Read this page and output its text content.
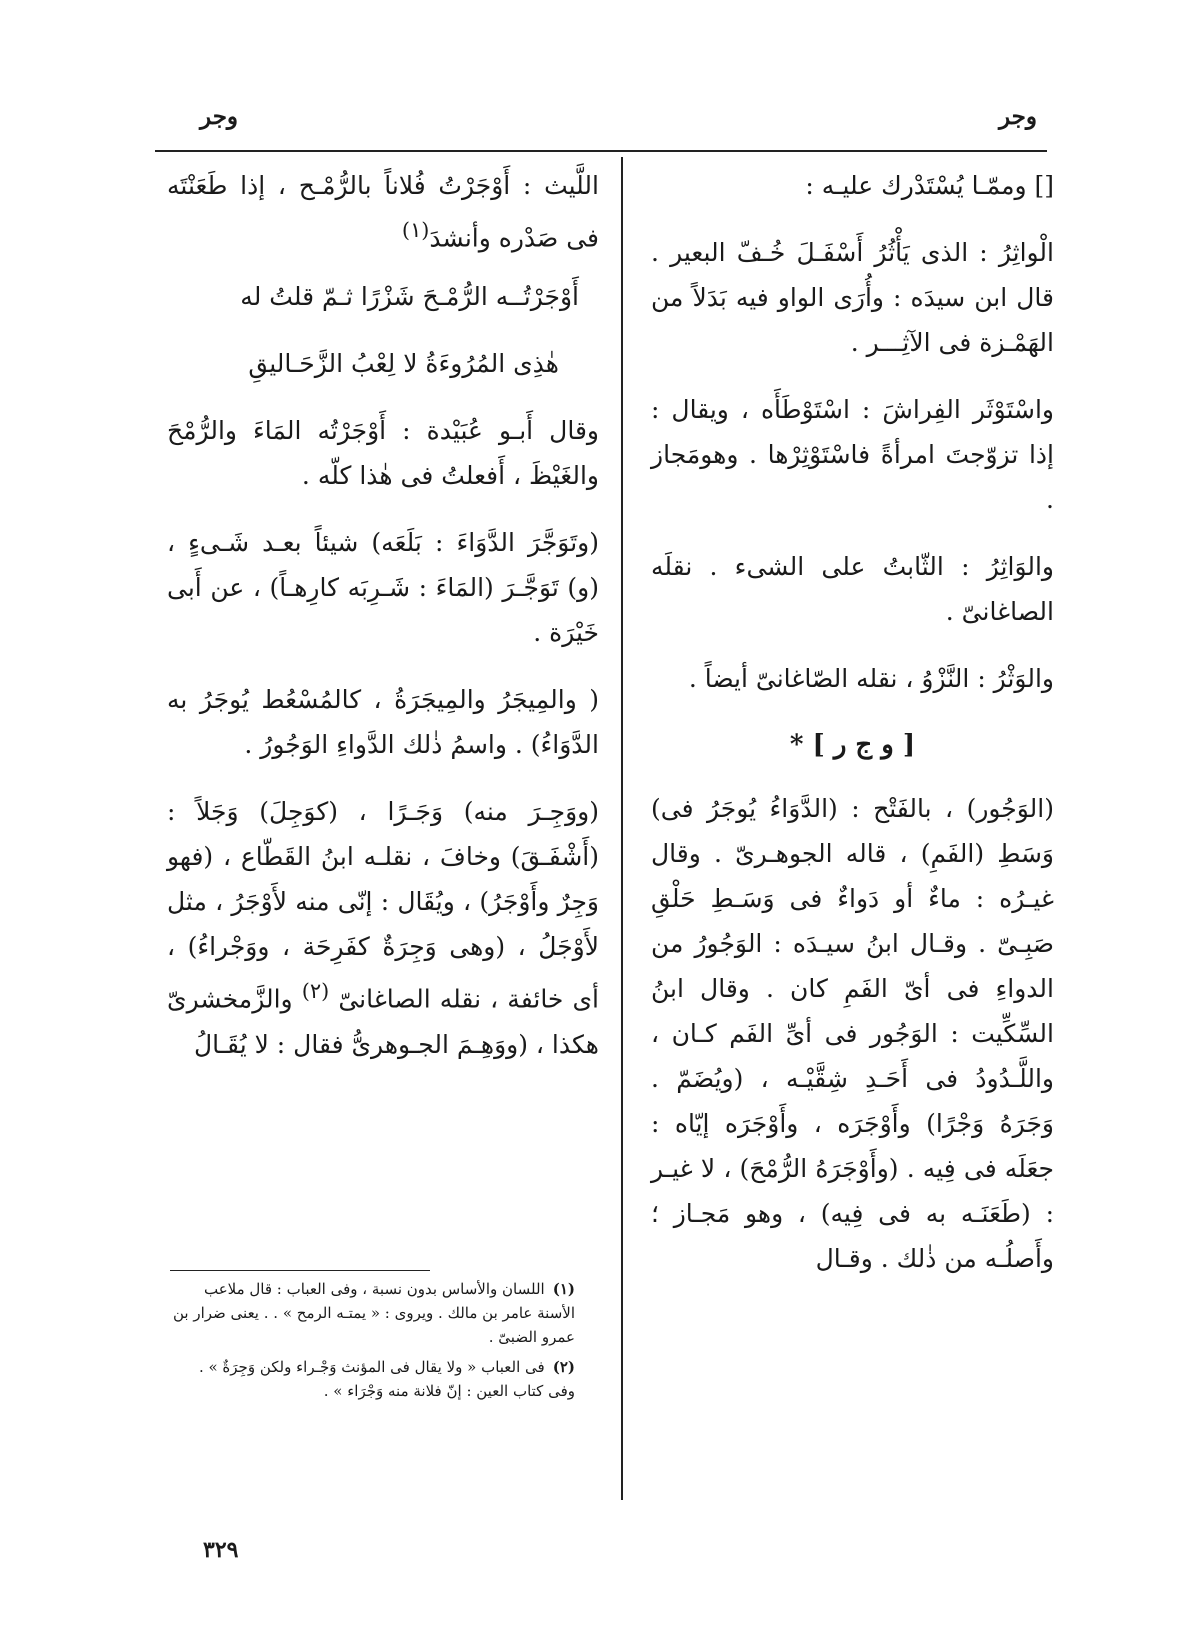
وجر
وجر

[] وممّـا يُسْتَدْرك عليـه :

الْواثِرُ : الذى يَأْثُرُ أَسْفَـلَ خُـفّ البعير . قال ابن سيدَه : وأُرَى الواو فيه بَدَلاً من الهَمْـزة فى الآثِـــر .

واسْتَوْثَر الفِراشَ : اسْتَوْطَأَه ، ويقال : إذا تزوّجتَ امرأةً فاسْتَوْثِرْها . وهومَجاز .

والوَاثِرُ : الثّابتُ على الشىء . نقلَه الصاغانىّ .

والوَثْرُ : النَّزْوُ ، نقله الصّاغانىّ أيضاً .

[ و ج ر ] *

(الوَجُور) ، بالفَتْح : (الدَّوَاءُ يُوجَرُ فى) وَسَطِ (الفَمِ) ، قاله الجوهـرىّ . وقال غيـرُه : ماءٌ أو دَواءٌ فى وَسَـطِ حَلْقِ صَبِـىّ . وقـال ابنُ سيـدَه : الوَجُورُ من الدواءِ فى أىّ الفَمِ كان . وقال ابنُ السِّكِّيت : الوَجُور فى أىِّ الفَم كـان ، واللَّـدُودُ فى أَحَـدِ شِقَّيْـه ، (ويُضَمّ . وَجَرَهُ وَجْرًا) وأَوْجَرَه ، وأَوْجَرَه إيّاه : جعَلَه فى فِيه . (وأَوْجَرَهُ الرُّمْحَ) ، لا غيـر : (طَعَنَـه به فى فِيه) ، وهو مَجـاز ؛ وأَصلُـه من ذٰلك . وقـال

اللَّيث : أَوْجَرْتُ فُلاناً بالرُّمْـح ، إذا طَعَنْتَه فى صَدْره وأنشدَ$^{(١)}$

أَوْجَرْتُــه الرُّمْـحَ شَزْرًا ثـمّ قلتُ له

هٰذِى المُرُوءَةُ لا لِعْبُ الزَّحَـاليقِ

وقال أَبـو عُبَيْدة : أَوْجَرْتُه المَاءَ والرُّمْحَ والغَيْظَ ، أَفعلتُ فى هٰذا كلّه .

(وتَوَجَّرَ الدَّوَاءَ : بَلَعَه) شيئاً بعـد شَـىءٍ ، (و) تَوَجَّـرَ (المَاءَ : شَـرِبَه كارِهـاً) ، عن أَبى خَيْرَة .

( والمِيجَرُ والمِيجَرَةُ ، كالمُسْعُط يُوجَرُ به الدَّوَاءُ) . واسمُ ذٰلك الدَّواءِ الوَجُورُ .

(ووَجِـرَ منه) وَجَـرًا ، (كوَجِلَ) وَجَلاً : (أَشْفَـقَ) وخافَ ، نقلـه ابنُ القَطّاع ، (فهو وَجِرٌ وأَوْجَرُ) ، ويُقَال : إنّى منه لأَوْجَرُ ، مثل لأَوْجَلُ ، (وهى وَجِرَةٌ كفَرِحَة ، ووَجْراءُ) ، أى خائفة ، نقله الصاغانىّ $^{(٢)}$ والزَّمخشرىّ هكذا ، (ووَهِـمَ الجـوهرىُّ فقال : لا يُقَـالُ

(١)اللسان والأساس بدون نسبة ، وفى العباب : قال ملاعب الأسنة عامر بن مالك . ويروى : « يمتـه الرمح » . . يعنى ضرار بن عمرو الضبىّ .

(٢)فى العباب « ولا يقال فى المؤنث وَجْـراء ولكن وَجِرَةٌ » . وفى كتاب العين : إنّ فلانة منه وَجْرَاء » .

٣٢٩
